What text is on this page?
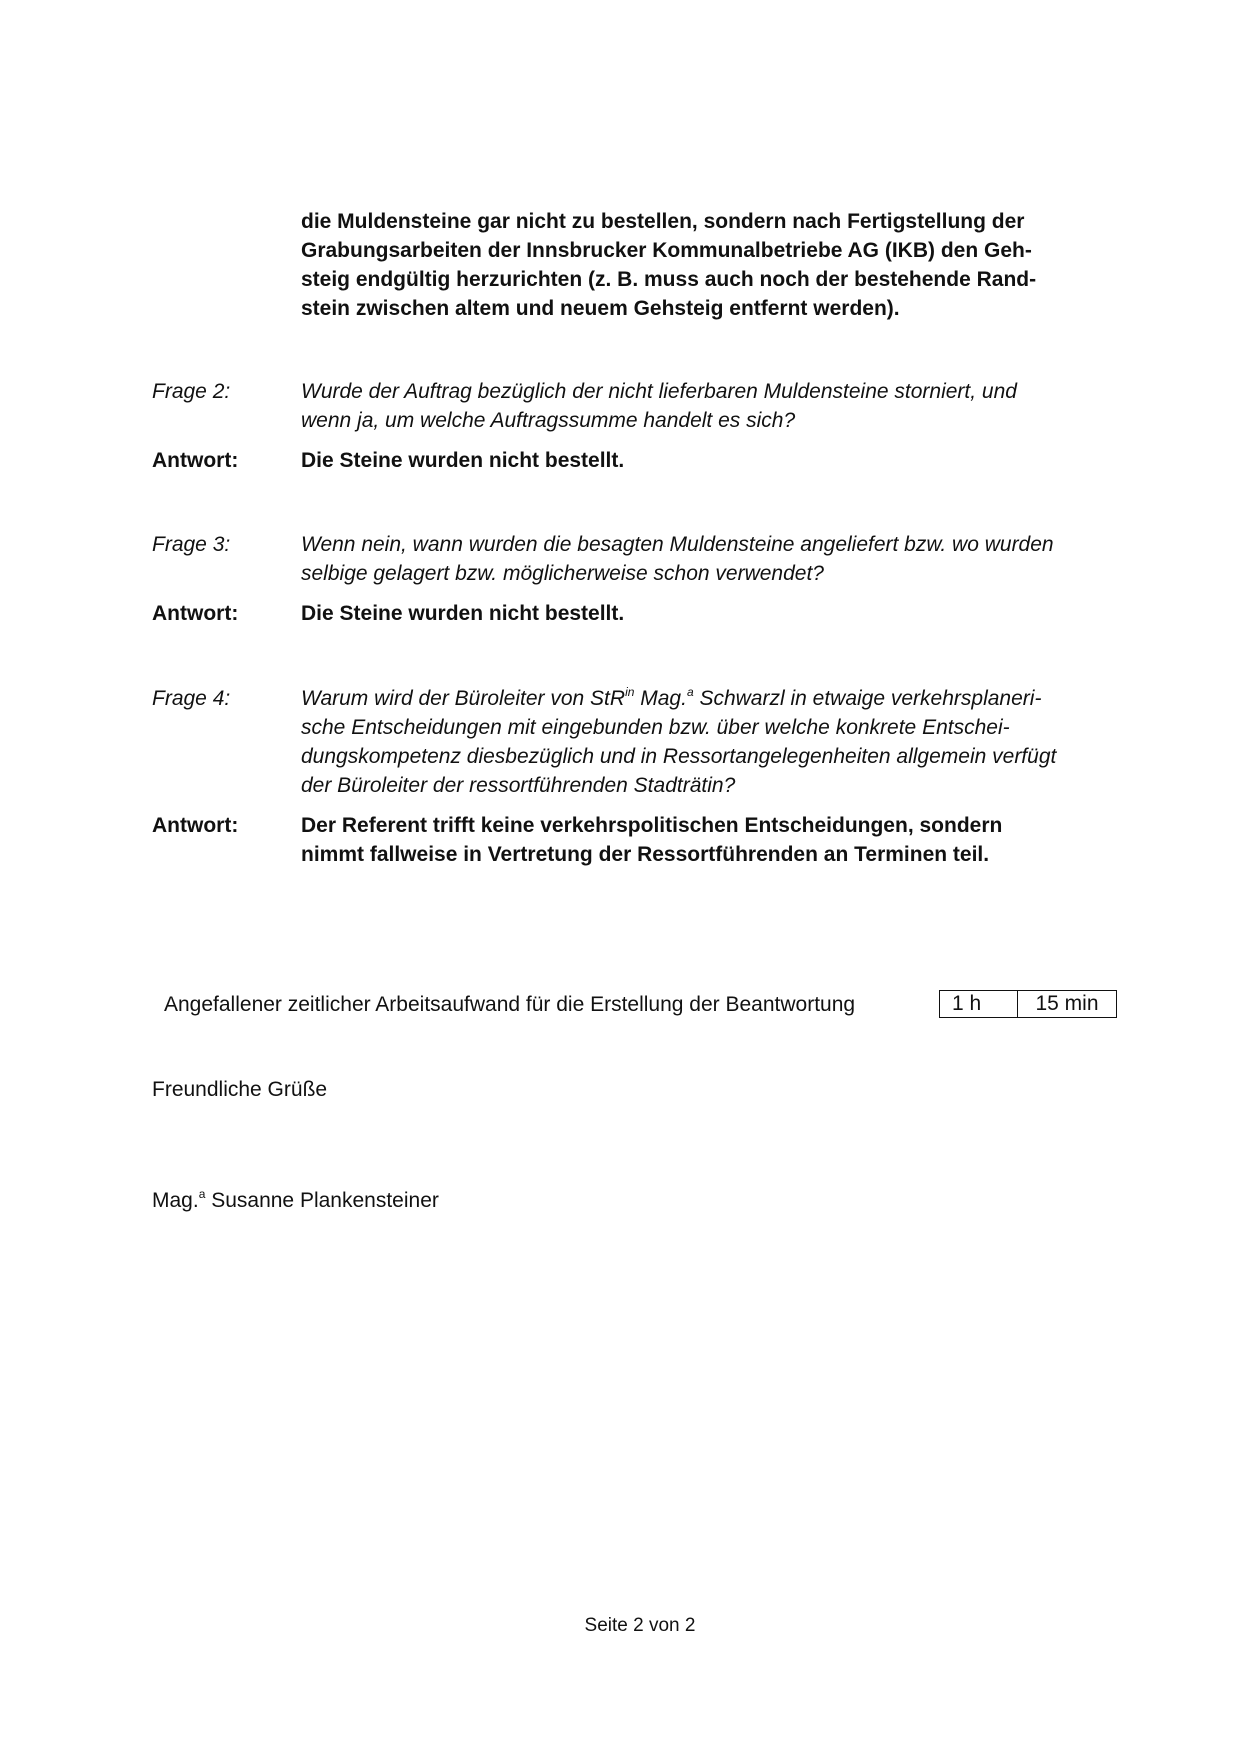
die Muldensteine gar nicht zu bestellen, sondern nach Fertigstellung der
Grabungsarbeiten der Innsbrucker Kommunalbetriebe AG (IKB) den Geh-
steig endgültig herzurichten (z. B. muss auch noch der bestehende Rand-
stein zwischen altem und neuem Gehsteig entfernt werden).

Frage 2:	Wurde der Auftrag bezüglich der nicht lieferbaren Muldensteine storniert, und
wenn ja, um welche Auftragssumme handelt es sich?
Antwort:	Die Steine wurden nicht bestellt.
Frage 3:	Wenn nein, wann wurden die besagten Muldensteine angeliefert bzw. wo wurden
selbige gelagert bzw. möglicherweise schon verwendet?
Antwort:	Die Steine wurden nicht bestellt.
Frage 4:	Warum wird der Büroleiter von StR$^{in}$ Mag.$^a$ Schwarzl in etwaige verkehrsplaneri-
sche Entscheidungen mit eingebunden bzw. über welche konkrete Entschei-
dungskompetenz diesbezüglich und in Ressortangelegenheiten allgemein verfügt
der Büroleiter der ressortführenden Stadträtin?
Antwort:	Der Referent trifft keine verkehrspolitischen Entscheidungen, sondern
nimmt fallweise in Vertretung der Ressortführenden an Terminen teil.
Angefallener zeitlicher Arbeitsaufwand für die Erstellung der Beantwortung	1 h	15 min
Freundliche Grüße
Mag.$^a$ Susanne Plankensteiner
Seite 2 von 2
